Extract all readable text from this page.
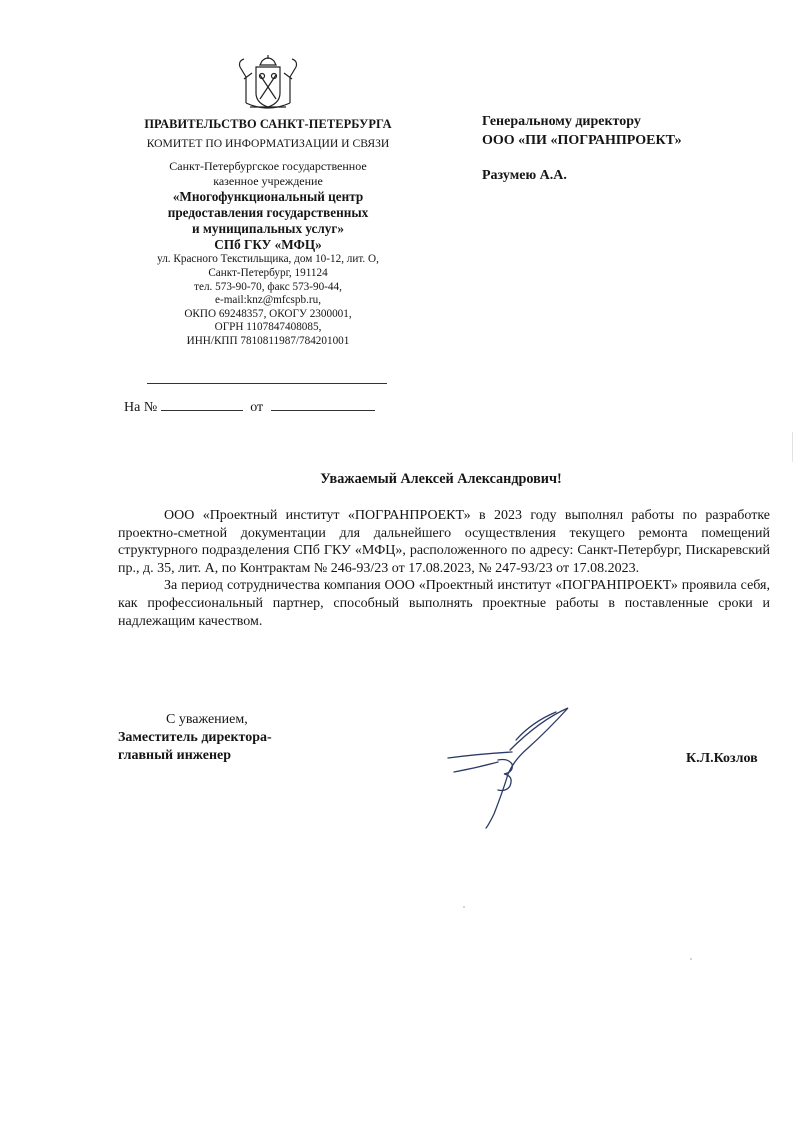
ПРАВИТЕЛЬСТВО САНКТ-ПЕТЕРБУРГА
КОМИТЕТ ПО ИНФОРМАТИЗАЦИИ И СВЯЗИ
Санкт-Петербургское государственное
казенное учреждение
«Многофункциональный центр
предоставления государственных
и муниципальных услуг»
СПб ГКУ «МФЦ»
ул. Красного Текстильщика, дом 10-12, лит. О,
Санкт-Петербург, 191124
тел. 573-90-70, факс 573-90-44,
e-mail:knz@mfcspb.ru,
ОКПО 69248357, ОКОГУ 2300001,
ОГРН 1107847408085,
ИНН/КПП 7810811987/784201001
На №	от
Генеральному директору
ООО «ПИ «ПОГРАНПРОЕКТ»
Разумею А.А.
Уважаемый Алексей Александрович!

ООО «Проектный институт «ПОГРАНПРОЕКТ» в 2023 году выполнял работы по разработке проектно-сметной документации для дальнейшего осуществления текущего ремонта помещений структурного подразделения СПб ГКУ «МФЦ», расположенного по адресу: Санкт-Петербург, Пискаревский пр., д. 35, лит. А, по Контрактам № 246-93/23 от 17.08.2023, № 247-93/23 от 17.08.2023.

За период сотрудничества компания ООО «Проектный институт «ПОГРАНПРОЕКТ» проявила себя, как профессиональный партнер, способный выполнять проектные работы в поставленные сроки и надлежащим качеством.

С уважением,
Заместитель директора-
главный инженер	К.Л.Козлов
